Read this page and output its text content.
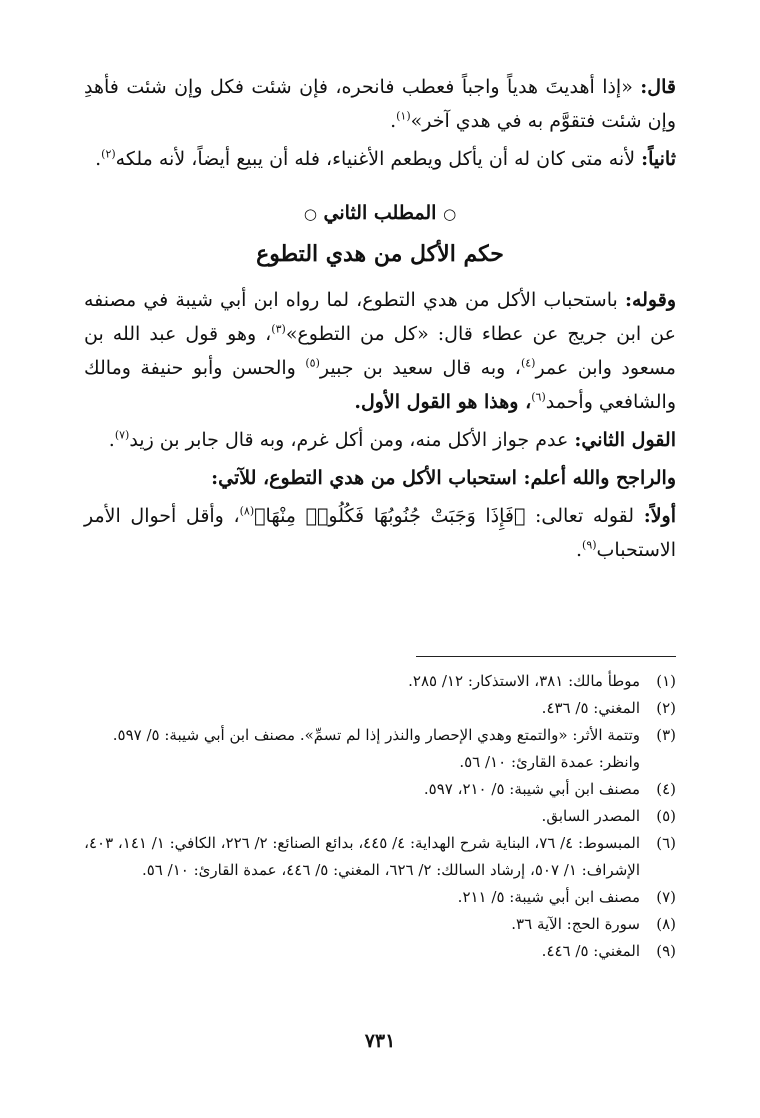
قال: «إذا أهديتَ هدياً واجباً فعطب فانحره، فإن شئت فكل وإن شئت فأهدِ وإن شئت فتقوَّم به في هدي آخر»$^{(١)}$.

ثانياً: لأنه متى كان له أن يأكل ويطعم الأغنياء، فله أن يبيع أيضاً، لأنه ملكه$^{(٢)}$.

○ المطلب الثاني ○
حكم الأكل من هدي التطوع

وقوله: باستحباب الأكل من هدي التطوع، لما رواه ابن أبي شيبة في مصنفه عن ابن جريج عن عطاء قال: «كل من التطوع»$^{(٣)}$، وهو قول عبد الله بن مسعود وابن عمر$^{(٤)}$، وبه قال سعيد بن جبير$^{(٥)}$ والحسن وأبو حنيفة ومالك والشافعي وأحمد$^{(٦)}$، وهذا هو القول الأول.

القول الثاني: عدم جواز الأكل منه، ومن أكل غرم، وبه قال جابر بن زيد$^{(٧)}$.

والراجح والله أعلم: استحباب الأكل من هدي التطوع، للآتي:

أولاً: لقوله تعالى: ﴿فَإِذَا وَجَبَتْ جُنُوبُهَا فَكُلُوا۟ مِنْهَا﴾$^{(٨)}$، وأقل أحوال الأمر الاستحباب$^{(٩)}$.

(١)
موطأ مالك: ٣٨١، الاستذكار: ١٢/ ٢٨٥.
(٢)
المغني: ٥/ ٤٣٦.
(٣)
وتتمة الأثر: «والتمتع وهدي الإحصار والنذر إذا لم تسمِّ». مصنف ابن أبي شيبة: ٥/ ٥٩٧. وانظر: عمدة القارئ: ١٠/ ٥٦.
(٤)
مصنف ابن أبي شيبة: ٥/ ٢١٠، ٥٩٧.
(٥)
المصدر السابق.
(٦)
المبسوط: ٤/ ٧٦، البناية شرح الهداية: ٤/ ٤٤٥، بدائع الصنائع: ٢/ ٢٢٦، الكافي: ١/ ١٤١، ٤٠٣، الإشراف: ١/ ٥٠٧، إرشاد السالك: ٢/ ٦٢٦، المغني: ٥/ ٤٤٦، عمدة القارئ: ١٠/ ٥٦.
(٧)
مصنف ابن أبي شيبة: ٥/ ٢١١.
(٨)
سورة الحج: الآية ٣٦.
(٩)
المغني: ٥/ ٤٤٦.
٧٣١
